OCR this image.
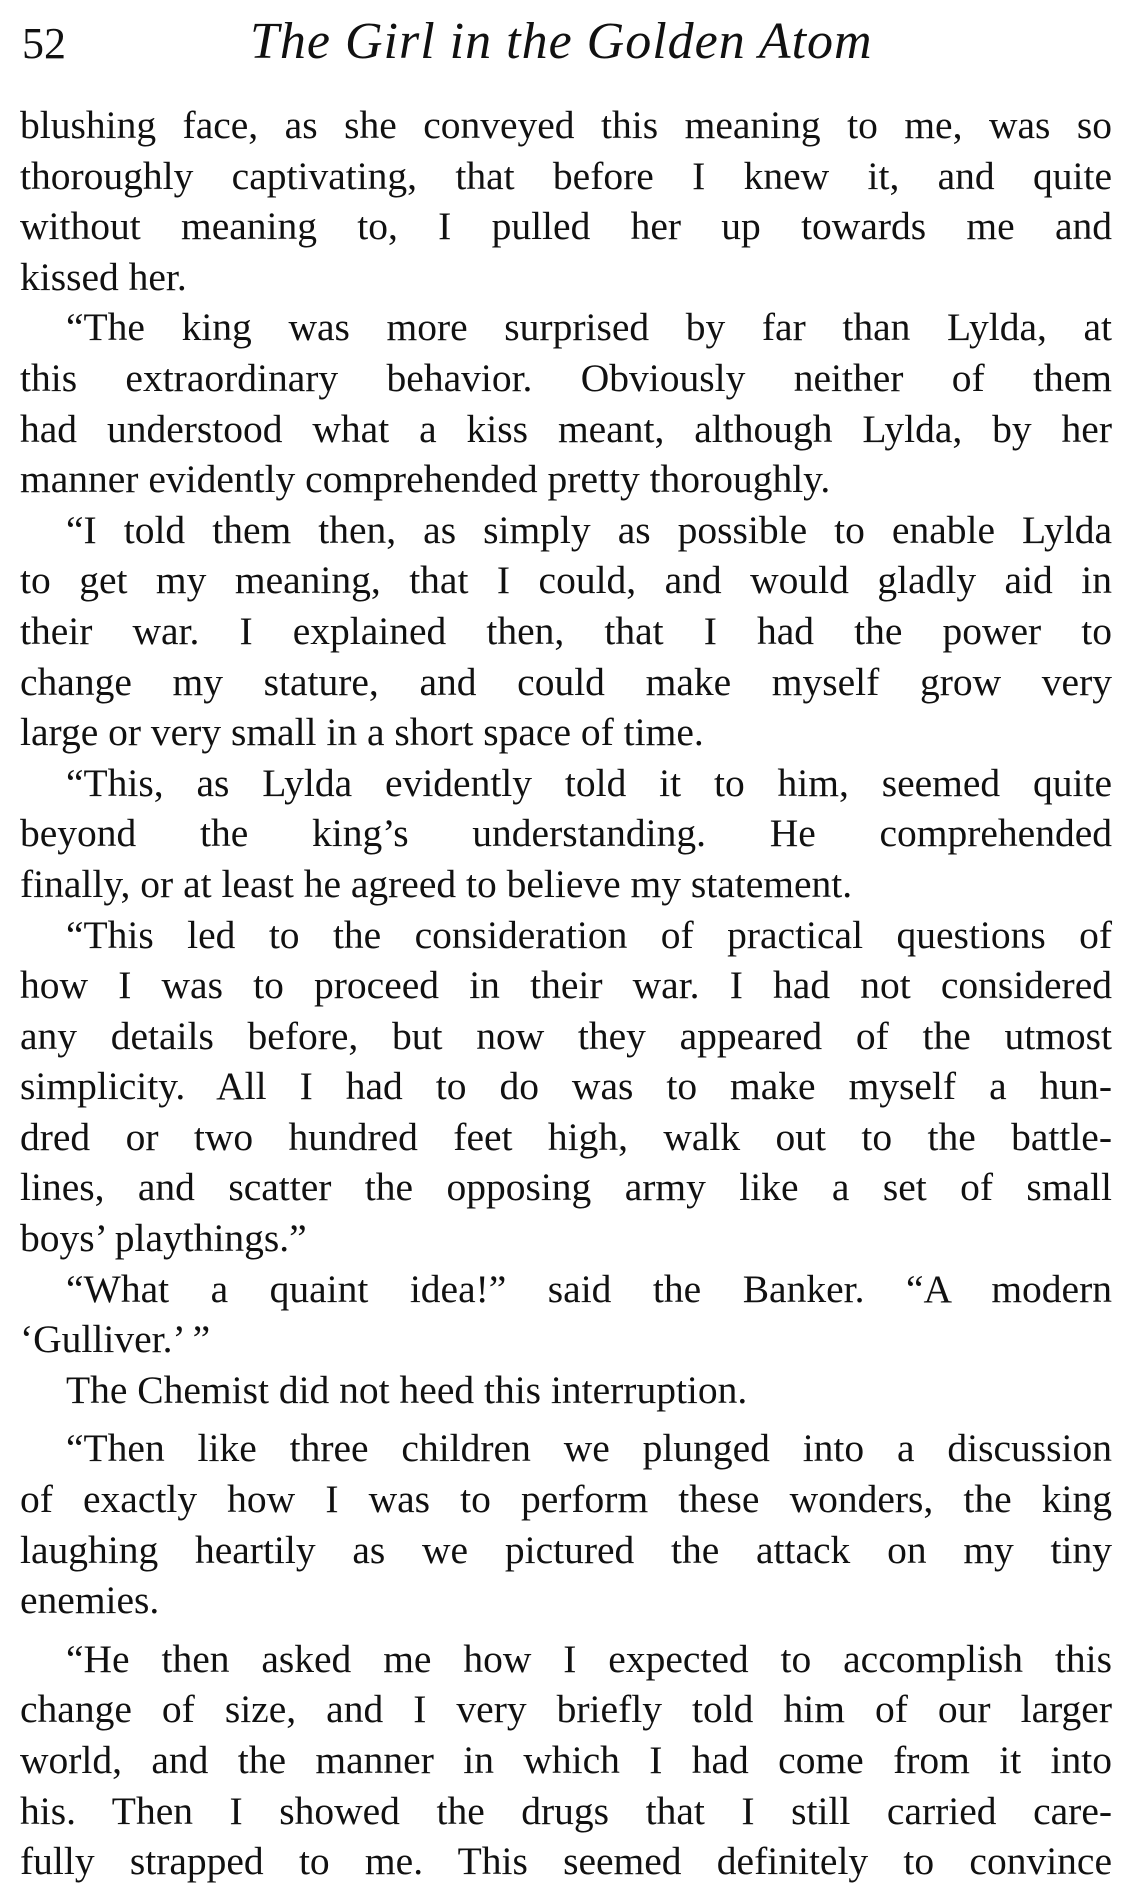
52	The Girl in the Golden Atom
blushing face, as she conveyed this meaning to me, was so
thoroughly captivating, that before I knew it, and quite
without meaning to, I pulled her up towards me and
kissed her.
“The king was more surprised by far than Lylda, at
this extraordinary behavior. Obviously neither of them
had understood what a kiss meant, although Lylda, by her
manner evidently comprehended pretty thoroughly.
“I told them then, as simply as possible to enable Lylda
to get my meaning, that I could, and would gladly aid in
their war. I explained then, that I had the power to
change my stature, and could make myself grow very
large or very small in a short space of time.
“This, as Lylda evidently told it to him, seemed quite
beyond the king’s understanding. He comprehended
finally, or at least he agreed to believe my statement.
“This led to the consideration of practical questions of
how I was to proceed in their war. I had not considered
any details before, but now they appeared of the utmost
simplicity. All I had to do was to make myself a hun-
dred or two hundred feet high, walk out to the battle-
lines, and scatter the opposing army like a set of small
boys’ playthings.”
“What a quaint idea!” said the Banker. “A modern
‘Gulliver.’ ”
The Chemist did not heed this interruption.
“Then like three children we plunged into a discussion
of exactly how I was to perform these wonders, the king
laughing heartily as we pictured the attack on my tiny
enemies.
“He then asked me how I expected to accomplish this
change of size, and I very briefly told him of our larger
world, and the manner in which I had come from it into
his. Then I showed the drugs that I still carried care-
fully strapped to me. This seemed definitely to convince
